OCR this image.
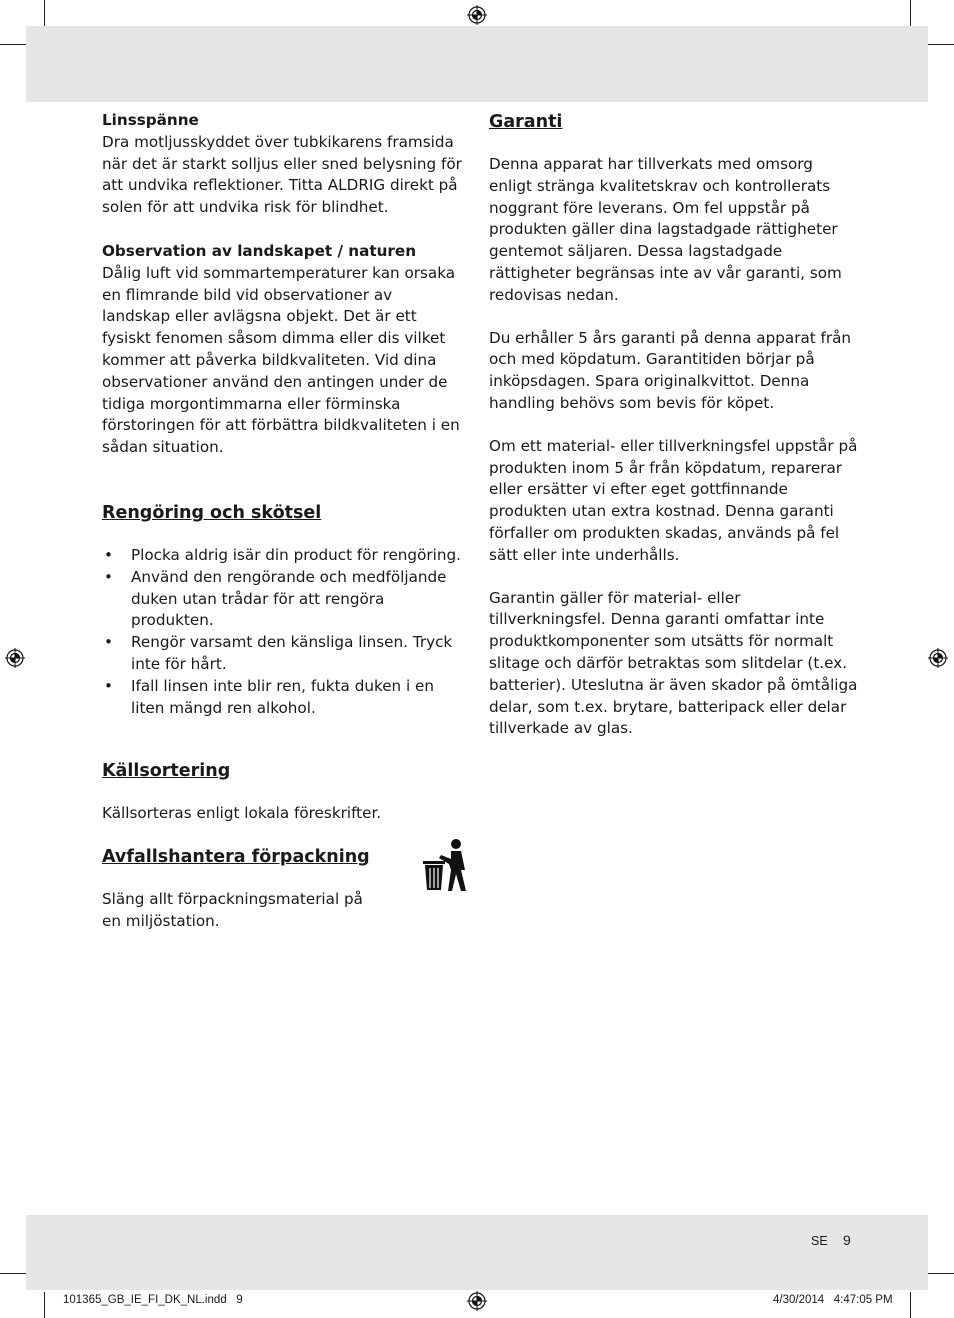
Linsspänne

Dra motljusskyddet över tubkikarens framsida när det är starkt solljus eller sned belysning för att undvika reflektioner. Titta ALDRIG direkt på solen för att undvika risk för blindhet.

Observation av landskapet / naturen

Dålig luft vid sommartemperaturer kan orsaka en flimrande bild vid observationer av landskap eller avlägsna objekt. Det är ett fysiskt fenomen såsom dimma eller dis vilket kommer att påverka bildkvaliteten. Vid dina observationer använd den antingen under de tidiga morgontimmarna eller förminska förstoringen för att förbättra bildkvaliteten i en sådan situation.

Rengöring och skötsel
• Plocka aldrig isär din product för rengöring.
• Använd den rengörande och medföljande duken utan trådar för att rengöra produkten.
• Rengör varsamt den känsliga linsen. Tryck inte för hårt.
• Ifall linsen inte blir ren, fukta duken i en liten mängd ren alkohol.
Källsortering

Källsorteras enligt lokala föreskrifter.

Avfallshantera förpackning

Släng allt förpackningsmaterial på en miljöstation.

Garanti

Denna apparat har tillverkats med omsorg enligt stränga kvalitetskrav och kontrollerats noggrant före leverans. Om fel uppstår på produkten gäller dina lagstadgade rättigheter gentemot säljaren. Dessa lagstadgade rättigheter begränsas inte av vår garanti, som redovisas nedan.

Du erhåller 5 års garanti på denna apparat från och med köpdatum. Garantitiden börjar på inköpsdagen. Spara originalkvittot. Denna handling behövs som bevis för köpet.

Om ett material- eller tillverkningsfel uppstår på produkten inom 5 år från köpdatum, reparerar eller ersätter vi efter eget gottfinnande produkten utan extra kostnad. Denna garanti förfaller om produkten skadas, används på fel sätt eller inte underhålls.

Garantin gäller för material- eller tillverkningsfel. Denna garanti omfattar inte produktkomponenter som utsätts för normalt slitage och därför betraktas som slitdelar (t.ex. batterier). Uteslutna är även skador på ömtåliga delar, som t.ex. brytare, batteripack eller delar tillverkade av glas.

SE 9
101365_GB_IE_FI_DK_NL.indd   9	4/30/2014   4:47:05 PM
